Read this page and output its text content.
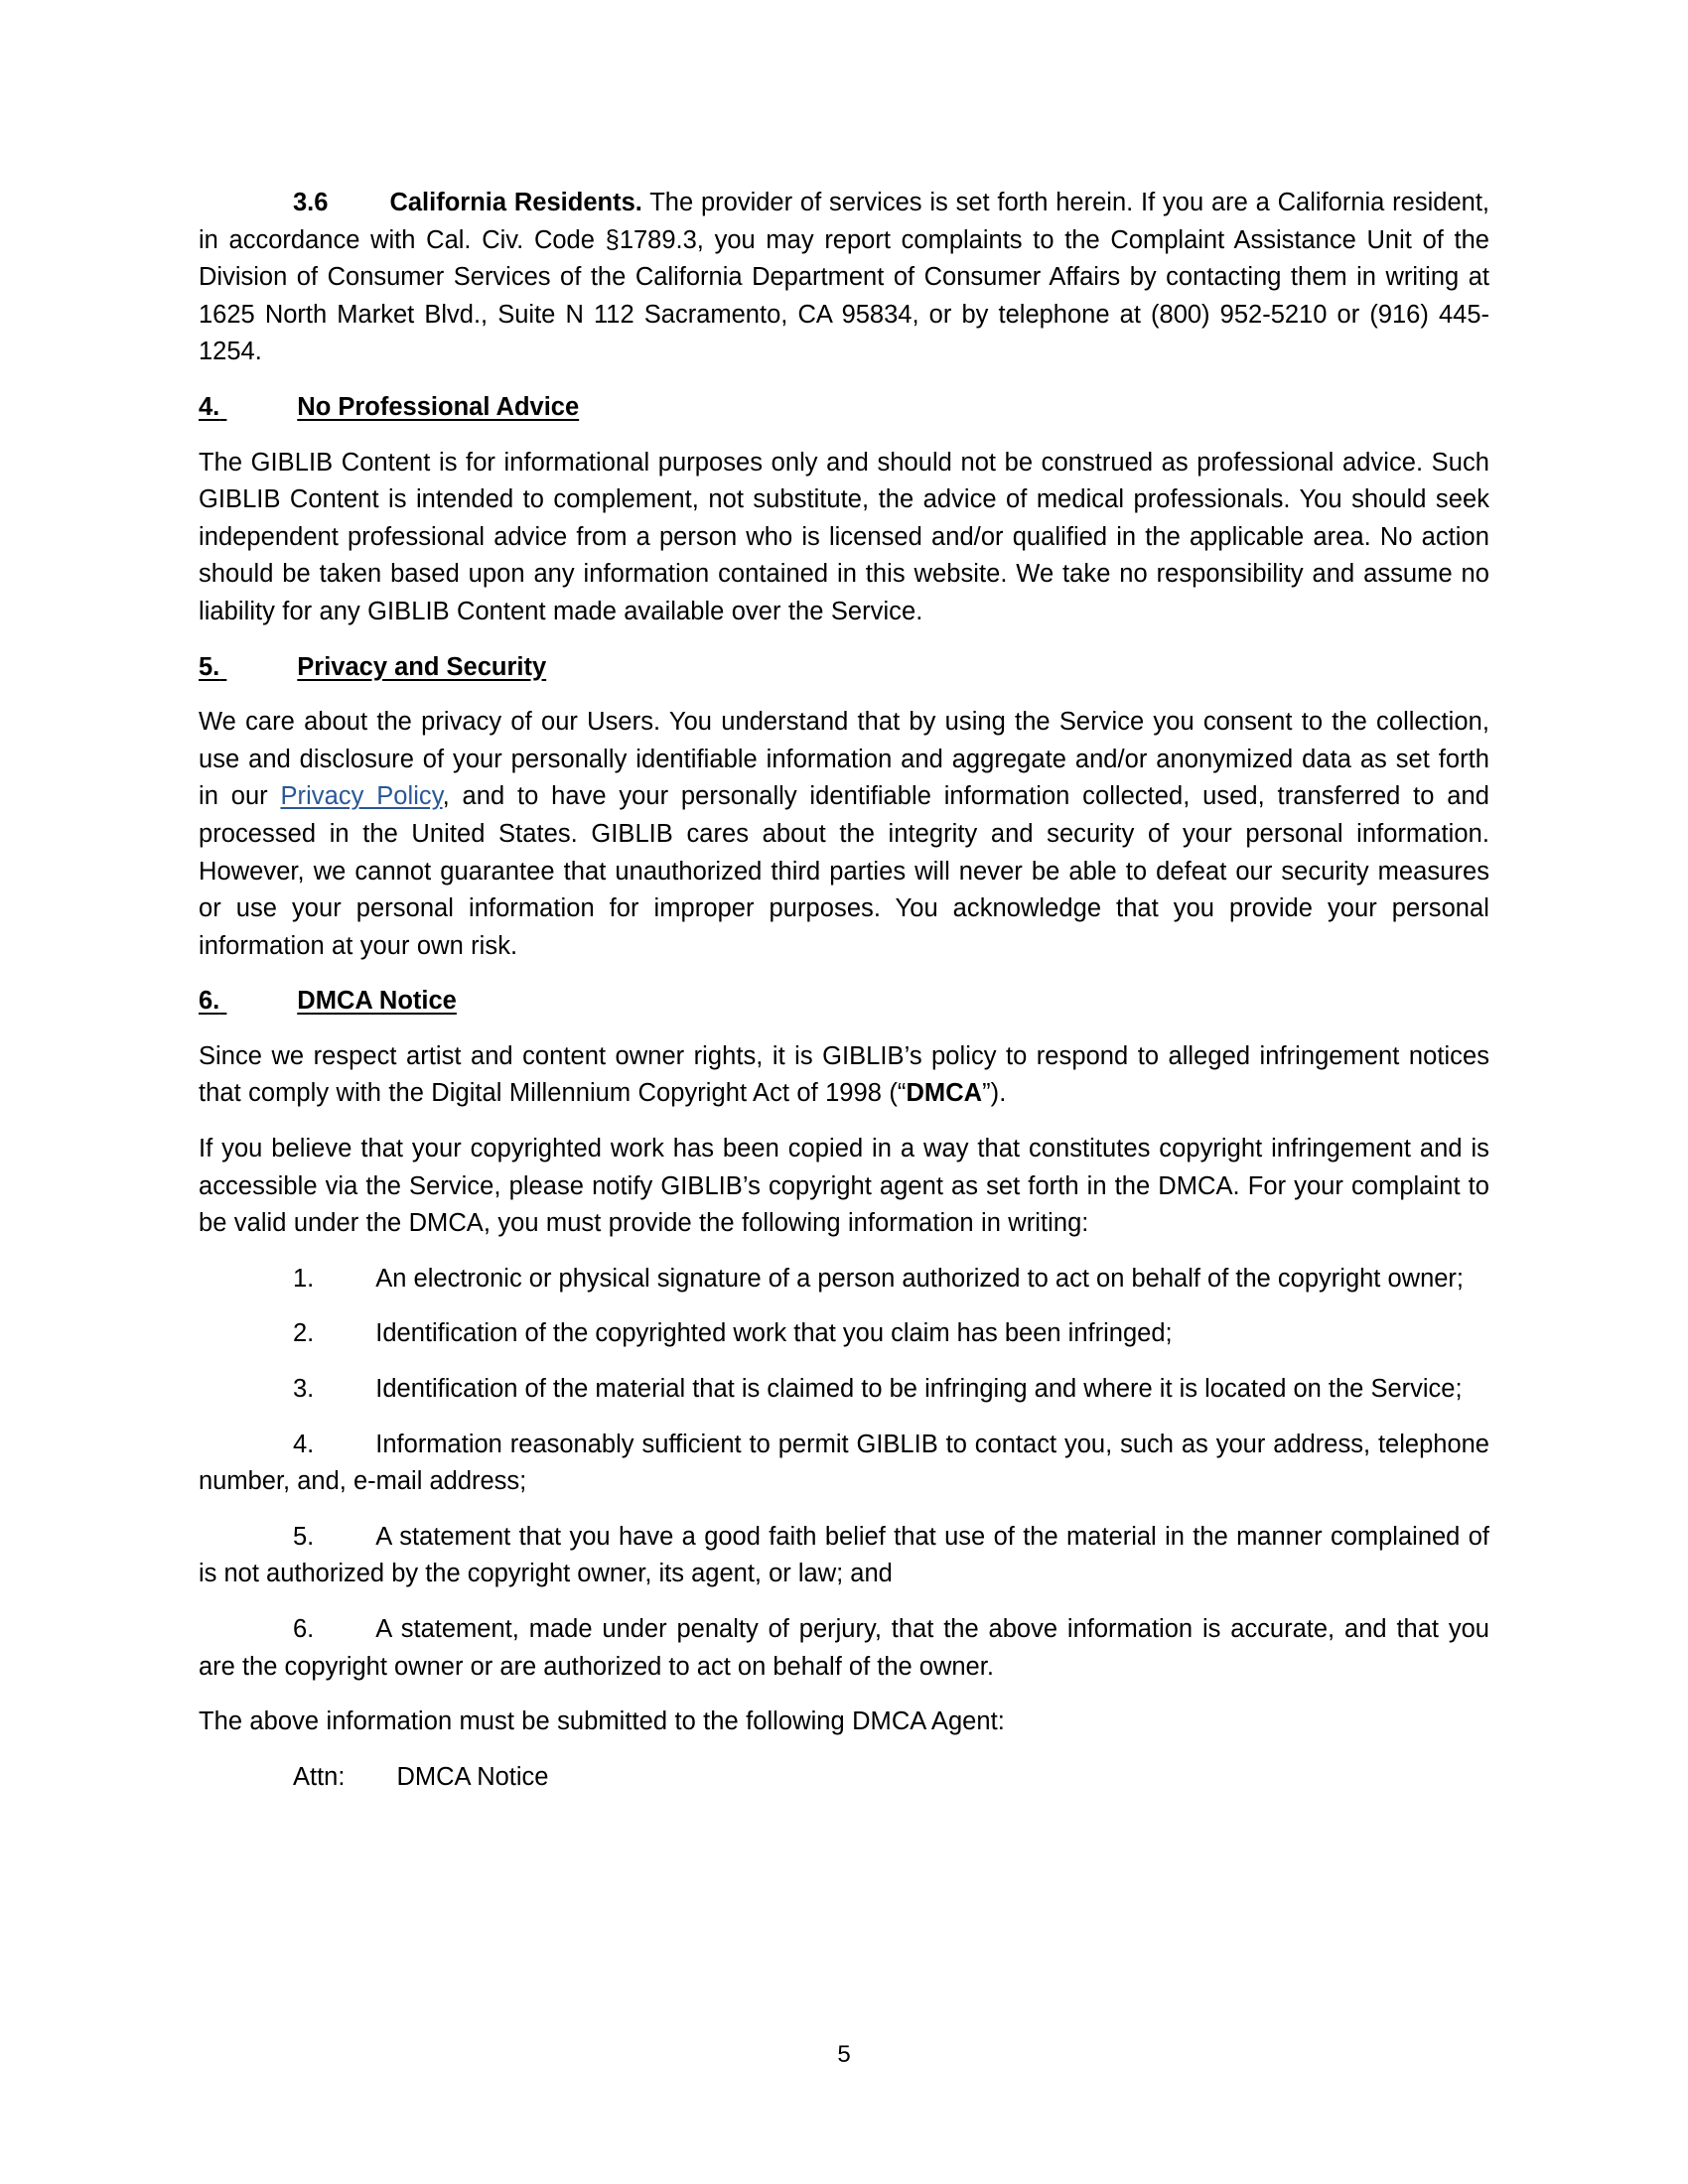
3.6 California Residents. The provider of services is set forth herein. If you are a California resident, in accordance with Cal. Civ. Code §1789.3, you may report complaints to the Complaint Assistance Unit of the Division of Consumer Services of the California Department of Consumer Affairs by contacting them in writing at 1625 North Market Blvd., Suite N 112 Sacramento, CA 95834, or by telephone at (800) 952-5210 or (916) 445-1254.

4.	No Professional Advice

The GIBLIB Content is for informational purposes only and should not be construed as professional advice. Such GIBLIB Content is intended to complement, not substitute, the advice of medical professionals. You should seek independent professional advice from a person who is licensed and/or qualified in the applicable area. No action should be taken based upon any information contained in this website. We take no responsibility and assume no liability for any GIBLIB Content made available over the Service.

5.	Privacy and Security

We care about the privacy of our Users. You understand that by using the Service you consent to the collection, use and disclosure of your personally identifiable information and aggregate and/or anonymized data as set forth in our Privacy Policy, and to have your personally identifiable information collected, used, transferred to and processed in the United States. GIBLIB cares about the integrity and security of your personal information. However, we cannot guarantee that unauthorized third parties will never be able to defeat our security measures or use your personal information for improper purposes. You acknowledge that you provide your personal information at your own risk.

6.	DMCA Notice

Since we respect artist and content owner rights, it is GIBLIB’s policy to respond to alleged infringement notices that comply with the Digital Millennium Copyright Act of 1998 (“DMCA”).

If you believe that your copyrighted work has been copied in a way that constitutes copyright infringement and is accessible via the Service, please notify GIBLIB’s copyright agent as set forth in the DMCA. For your complaint to be valid under the DMCA, you must provide the following information in writing:

1. An electronic or physical signature of a person authorized to act on behalf of the copyright owner;

2. Identification of the copyrighted work that you claim has been infringed;

3. Identification of the material that is claimed to be infringing and where it is located on the Service;

4. Information reasonably sufficient to permit GIBLIB to contact you, such as your address, telephone number, and, e-mail address;

5. A statement that you have a good faith belief that use of the material in the manner complained of is not authorized by the copyright owner, its agent, or law; and

6. A statement, made under penalty of perjury, that the above information is accurate, and that you are the copyright owner or are authorized to act on behalf of the owner.

The above information must be submitted to the following DMCA Agent:

Attn: DMCA Notice

5
